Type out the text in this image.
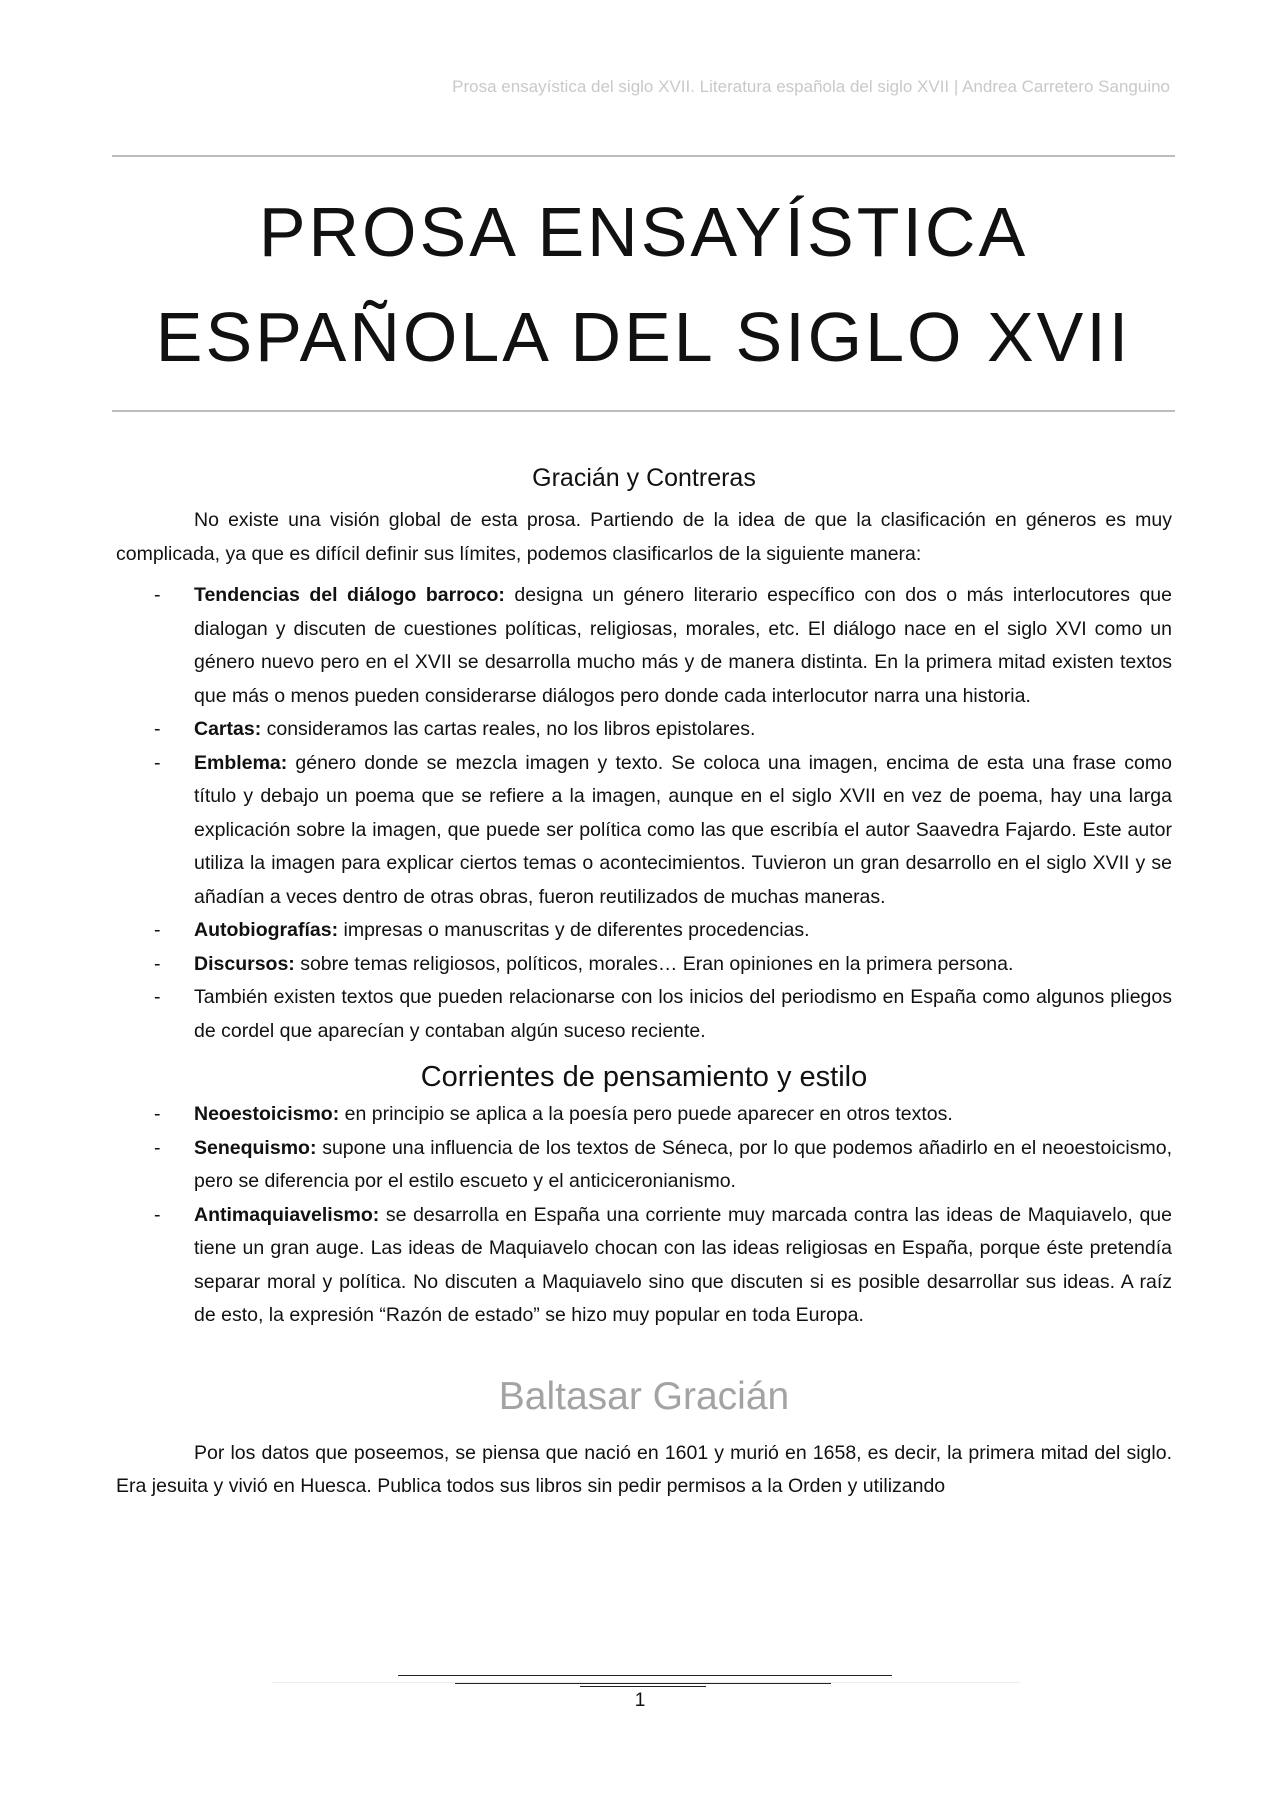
Prosa ensayística del siglo XVII. Literatura española del siglo XVII | Andrea Carretero Sanguino
PROSA ENSAYÍSTICA
ESPAÑOLA DEL SIGLO XVII
Gracián y Contreras

No existe una visión global de esta prosa. Partiendo de la idea de que la clasificación en géneros es muy complicada, ya que es difícil definir sus límites, podemos clasificarlos de la siguiente manera:

- Tendencias del diálogo barroco: designa un género literario específico con dos o más interlocutores que dialogan y discuten de cuestiones políticas, religiosas, morales, etc. El diálogo nace en el siglo XVI como un género nuevo pero en el XVII se desarrolla mucho más y de manera distinta. En la primera mitad existen textos que más o menos pueden considerarse diálogos pero donde cada interlocutor narra una historia.
- Cartas: consideramos las cartas reales, no los libros epistolares.
- Emblema: género donde se mezcla imagen y texto. Se coloca una imagen, encima de esta una frase como título y debajo un poema que se refiere a la imagen, aunque en el siglo XVII en vez de poema, hay una larga explicación sobre la imagen, que puede ser política como las que escribía el autor Saavedra Fajardo. Este autor utiliza la imagen para explicar ciertos temas o acontecimientos. Tuvieron un gran desarrollo en el siglo XVII y se añadían a veces dentro de otras obras, fueron reutilizados de muchas maneras.
- Autobiografías: impresas o manuscritas y de diferentes procedencias.
- Discursos: sobre temas religiosos, políticos, morales… Eran opiniones en la primera persona.
- También existen textos que pueden relacionarse con los inicios del periodismo en España como algunos pliegos de cordel que aparecían y contaban algún suceso reciente.
Corrientes de pensamiento y estilo
- Neoestoicismo: en principio se aplica a la poesía pero puede aparecer en otros textos.
- Senequismo: supone una influencia de los textos de Séneca, por lo que podemos añadirlo en el neoestoicismo, pero se diferencia por el estilo escueto y el anticiceronianismo.
- Antimaquiavelismo: se desarrolla en España una corriente muy marcada contra las ideas de Maquiavelo, que tiene un gran auge. Las ideas de Maquiavelo chocan con las ideas religiosas en España, porque éste pretendía separar moral y política. No discuten a Maquiavelo sino que discuten si es posible desarrollar sus ideas. A raíz de esto, la expresión “Razón de estado” se hizo muy popular en toda Europa.
Baltasar Gracián

Por los datos que poseemos, se piensa que nació en 1601 y murió en 1658, es decir, la primera mitad del siglo. Era jesuita y vivió en Huesca. Publica todos sus libros sin pedir permisos a la Orden y utilizando

1
